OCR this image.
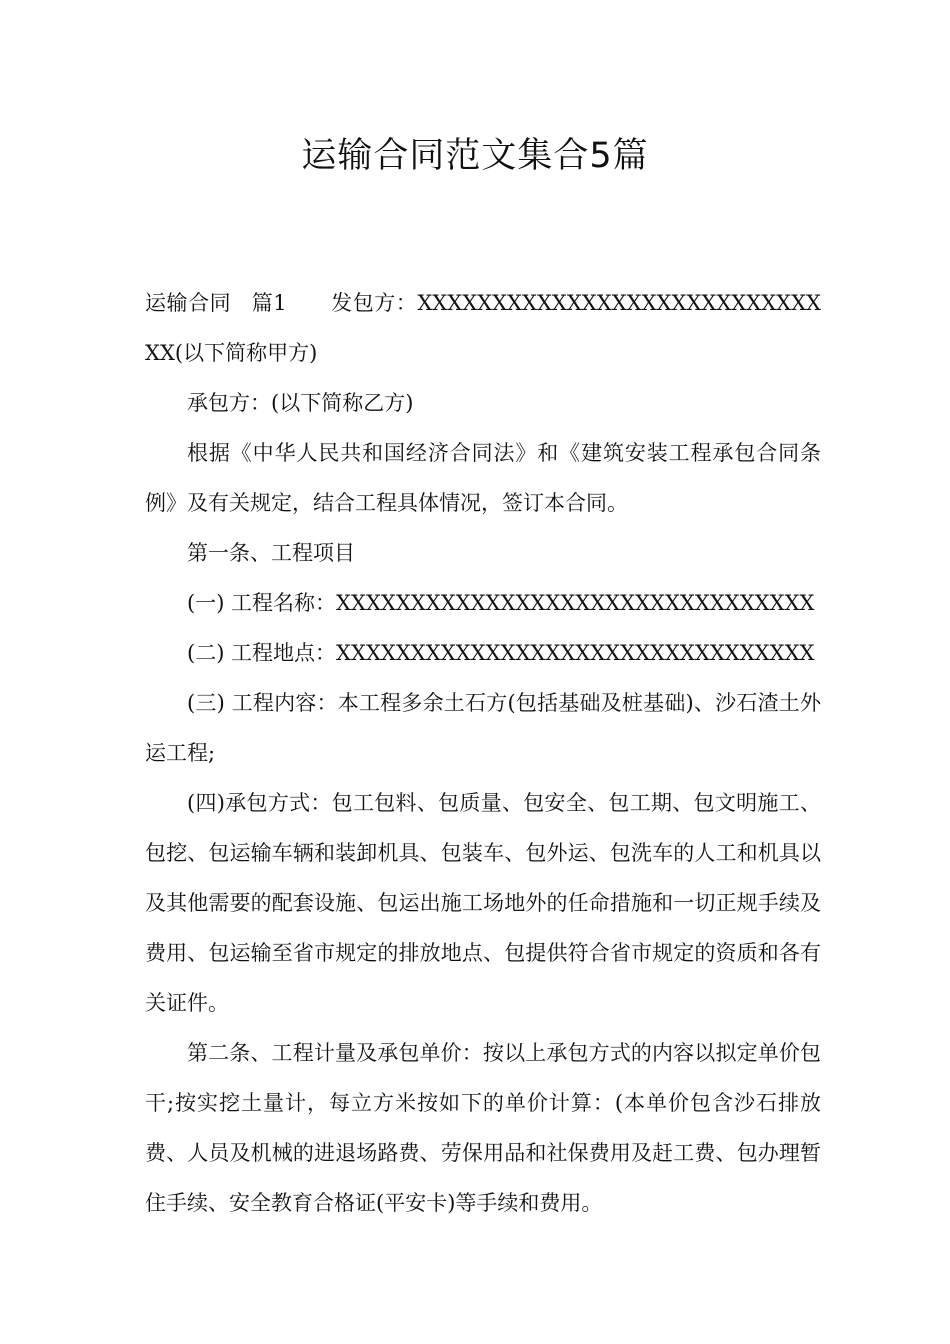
运输合同范文集合5篇

运输合同 篇1 发包方：XXXXXXXXXXXXXXXXXXXXXXXXXXXXX(以下简称甲方)

承包方：(以下简称乙方)

根据《中华人民共和国经济合同法》和《建筑安装工程承包合同条例》及有关规定，结合工程具体情况，签订本合同。

第一条、工程项目

(一) 工程名称：XXXXXXXXXXXXXXXXXXXXXXXXXXXXXXXX

(二) 工程地点：XXXXXXXXXXXXXXXXXXXXXXXXXXXXXXXX

(三) 工程内容：本工程多余土石方(包括基础及桩基础)、沙石渣土外运工程;

(四)承包方式：包工包料、包质量、包安全、包工期、包文明施工、包挖、包运输车辆和装卸机具、包装车、包外运、包洗车的人工和机具以及其他需要的配套设施、包运出施工场地外的任命措施和一切正规手续及费用、包运输至省市规定的排放地点、包提供符合省市规定的资质和各有关证件。

第二条、工程计量及承包单价：按以上承包方式的内容以拟定单价包干;按实挖土量计，每立方米按如下的单价计算：(本单价包含沙石排放费、人员及机械的进退场路费、劳保用品和社保费用及赶工费、包办理暂住手续、安全教育合格证(平安卡)等手续和费用。
